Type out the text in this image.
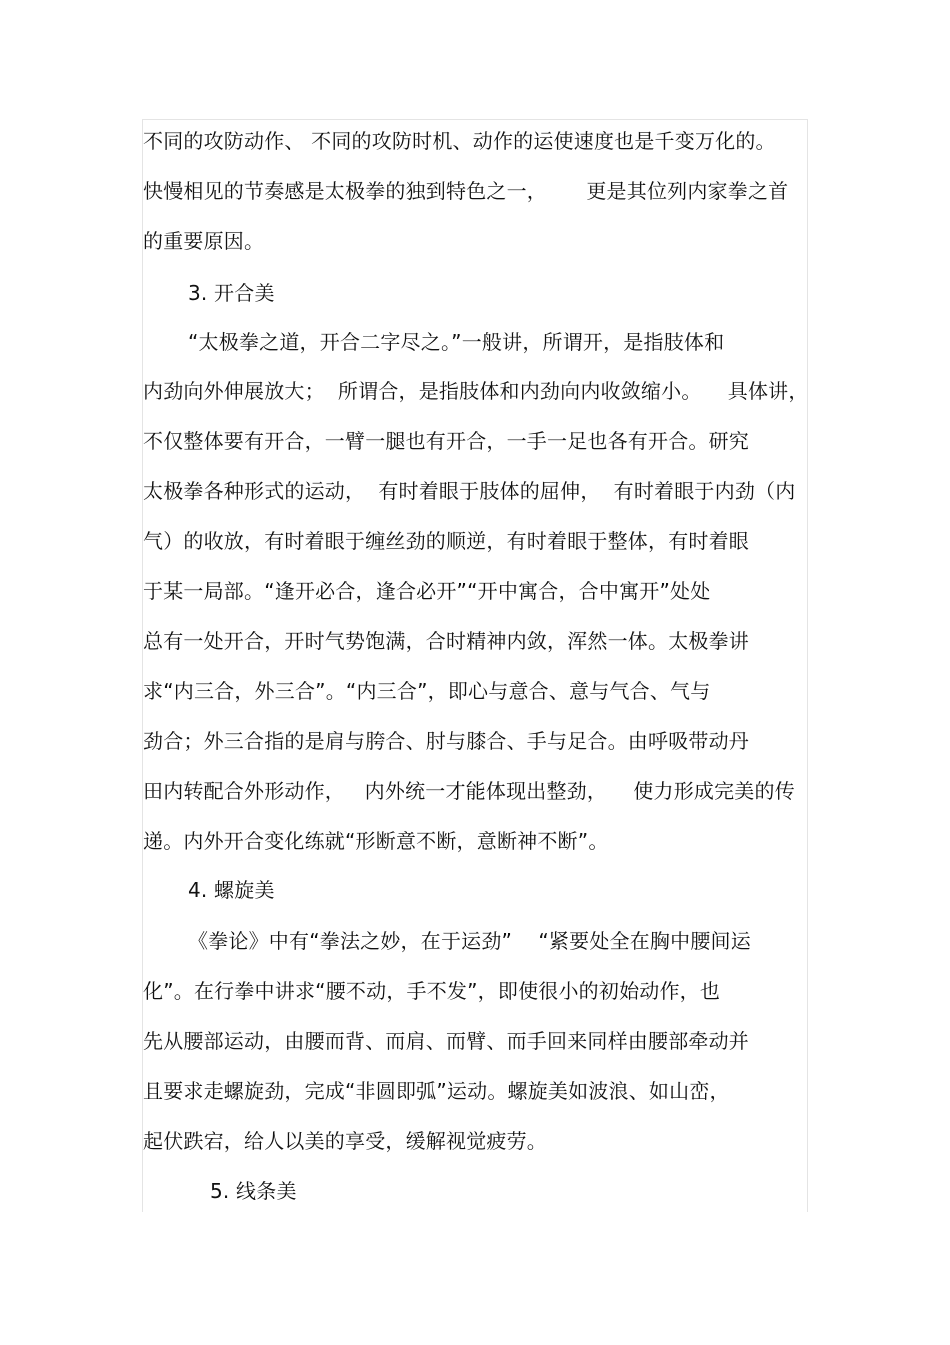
不同的攻防动作、 不同的攻防时机、动作的运使速度也是千变万化的。

快慢相见的节奏感是太极拳的独到特色之一，      更是其位列内家拳之首

的重要原因。

3. 开合美

“太极拳之道，开合二字尽之。”一般讲，所谓开，是指肢体和

内劲向外伸展放大；  所谓合，是指肢体和内劲向内收敛缩小。    具体讲，

不仅整体要有开合，一臂一腿也有开合，一手一足也各有开合。研究

太极拳各种形式的运动，  有时着眼于肢体的屈伸，  有时着眼于内劲（内

气）的收放，有时着眼于缠丝劲的顺逆，有时着眼于整体，有时着眼

于某一局部。“逢开必合，逢合必开”“开中寓合，合中寓开”处处

总有一处开合，开时气势饱满，合时精神内敛，浑然一体。太极拳讲

求“内三合，外三合”。“内三合”，即心与意合、意与气合、气与

劲合；外三合指的是肩与胯合、肘与膝合、手与足合。由呼吸带动丹

田内转配合外形动作，   内外统一才能体现出整劲，    使力形成完美的传

递。内外开合变化练就“形断意不断，意断神不断”。

4. 螺旋美

《拳论》中有“拳法之妙，在于运劲”    “紧要处全在胸中腰间运

化”。在行拳中讲求“腰不动，手不发”，即使很小的初始动作，也

先从腰部运动，由腰而背、而肩、而臂、而手回来同样由腰部牵动并

且要求走螺旋劲，完成“非圆即弧”运动。螺旋美如波浪、如山峦，

起伏跌宕，给人以美的享受，缓解视觉疲劳。

5. 线条美
